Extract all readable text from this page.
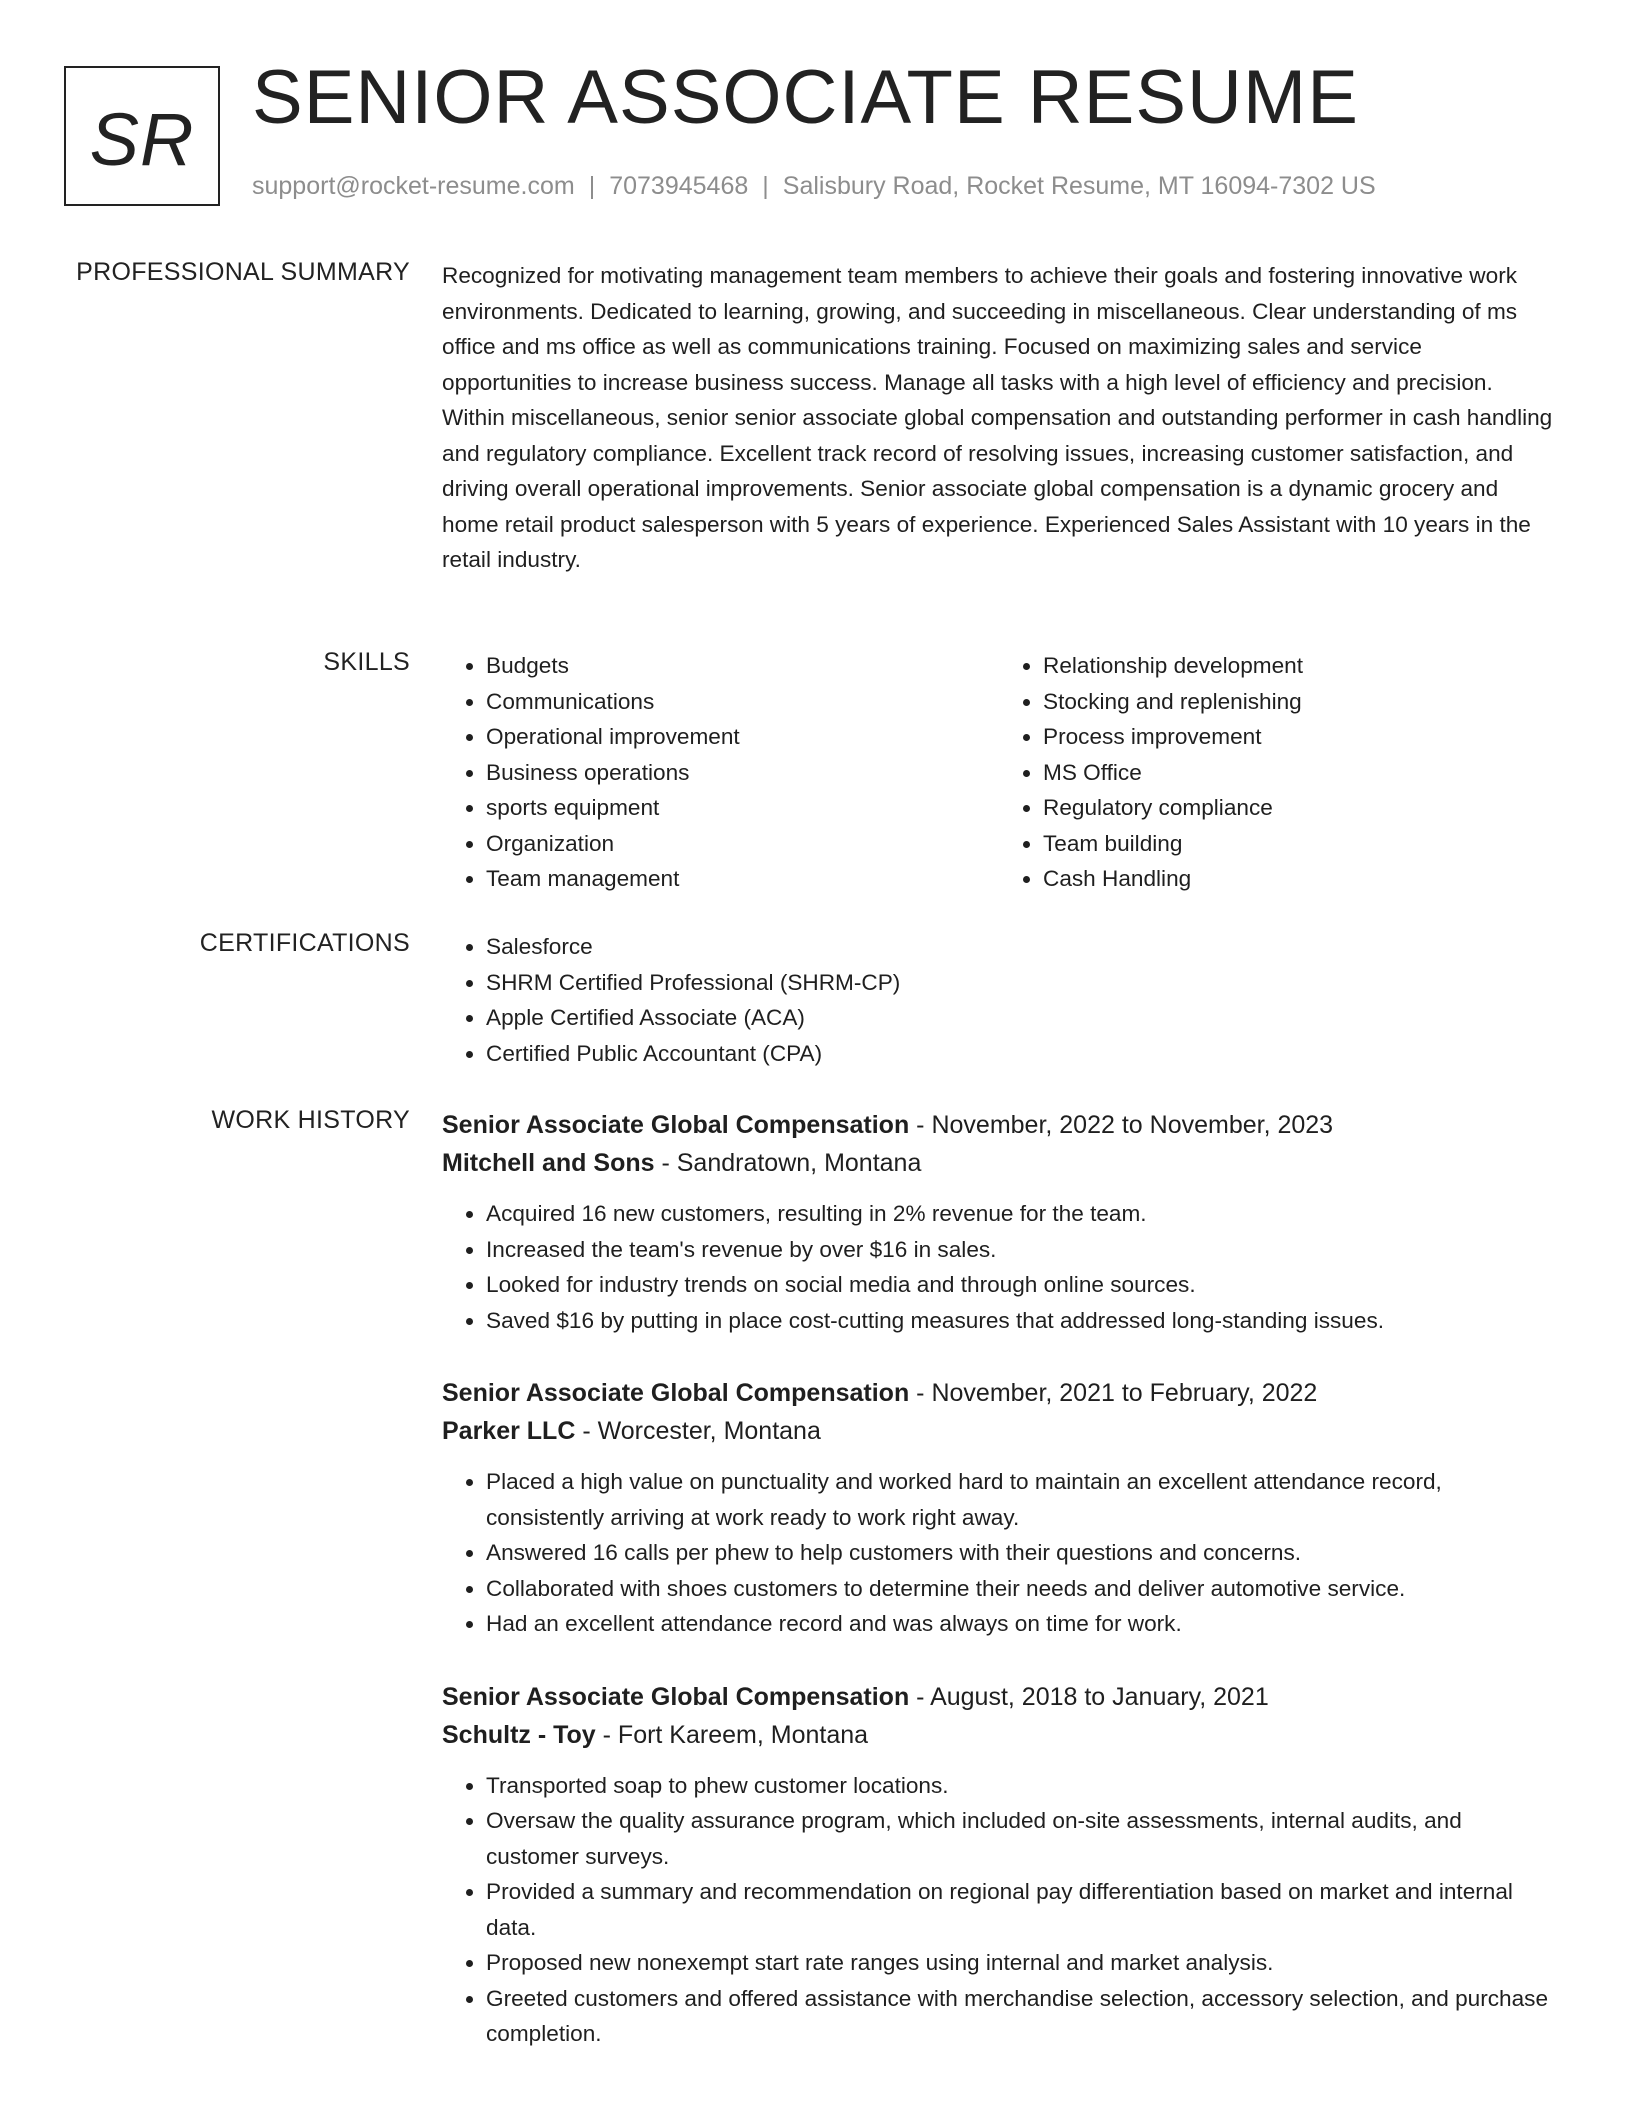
SR SENIOR ASSOCIATE RESUME
support@rocket-resume.com | 7073945468 | Salisbury Road, Rocket Resume, MT 16094-7302 US
PROFESSIONAL SUMMARY Recognized for motivating management team members to achieve their goals and fostering innovative work environments. Dedicated to learning, growing, and succeeding in miscellaneous. Clear understanding of ms office and ms office as well as communications training. Focused on maximizing sales and service opportunities to increase business success. Manage all tasks with a high level of efficiency and precision. Within miscellaneous, senior senior associate global compensation and outstanding performer in cash handling and regulatory compliance. Excellent track record of resolving issues, increasing customer satisfaction, and driving overall operational improvements. Senior associate global compensation is a dynamic grocery and home retail product salesperson with 5 years of experience. Experienced Sales Assistant with 10 years in the retail industry.

SKILLS	• Budgets
• Communications
• Operational improvement
• Business operations
• sports equipment
• Organization
• Team management
• Relationship development
• Stocking and replenishing
• Process improvement
• MS Office
• Regulatory compliance
• Team building
• Cash Handling
CERTIFICATIONS	• Salesforce
• SHRM Certified Professional (SHRM-CP)
• Apple Certified Associate (ACA)
• Certified Public Accountant (CPA)
WORK HISTORY Senior Associate Global Compensation - November, 2022 to November, 2023
Mitchell and Sons - Sandratown, Montana
• Acquired 16 new customers, resulting in 2% revenue for the team.
• Increased the team's revenue by over $16 in sales.
• Looked for industry trends on social media and through online sources.
• Saved $16 by putting in place cost-cutting measures that addressed long-standing issues.
Senior Associate Global Compensation - November, 2021 to February, 2022
Parker LLC - Worcester, Montana
• Placed a high value on punctuality and worked hard to maintain an excellent attendance record, consistently arriving at work ready to work right away.
• Answered 16 calls per phew to help customers with their questions and concerns.
• Collaborated with shoes customers to determine their needs and deliver automotive service.
• Had an excellent attendance record and was always on time for work.
Senior Associate Global Compensation - August, 2018 to January, 2021
Schultz - Toy - Fort Kareem, Montana
• Transported soap to phew customer locations.
• Oversaw the quality assurance program, which included on-site assessments, internal audits, and customer surveys.
• Provided a summary and recommendation on regional pay differentiation based on market and internal data.
• Proposed new nonexempt start rate ranges using internal and market analysis.
• Greeted customers and offered assistance with merchandise selection, accessory selection, and purchase completion.
